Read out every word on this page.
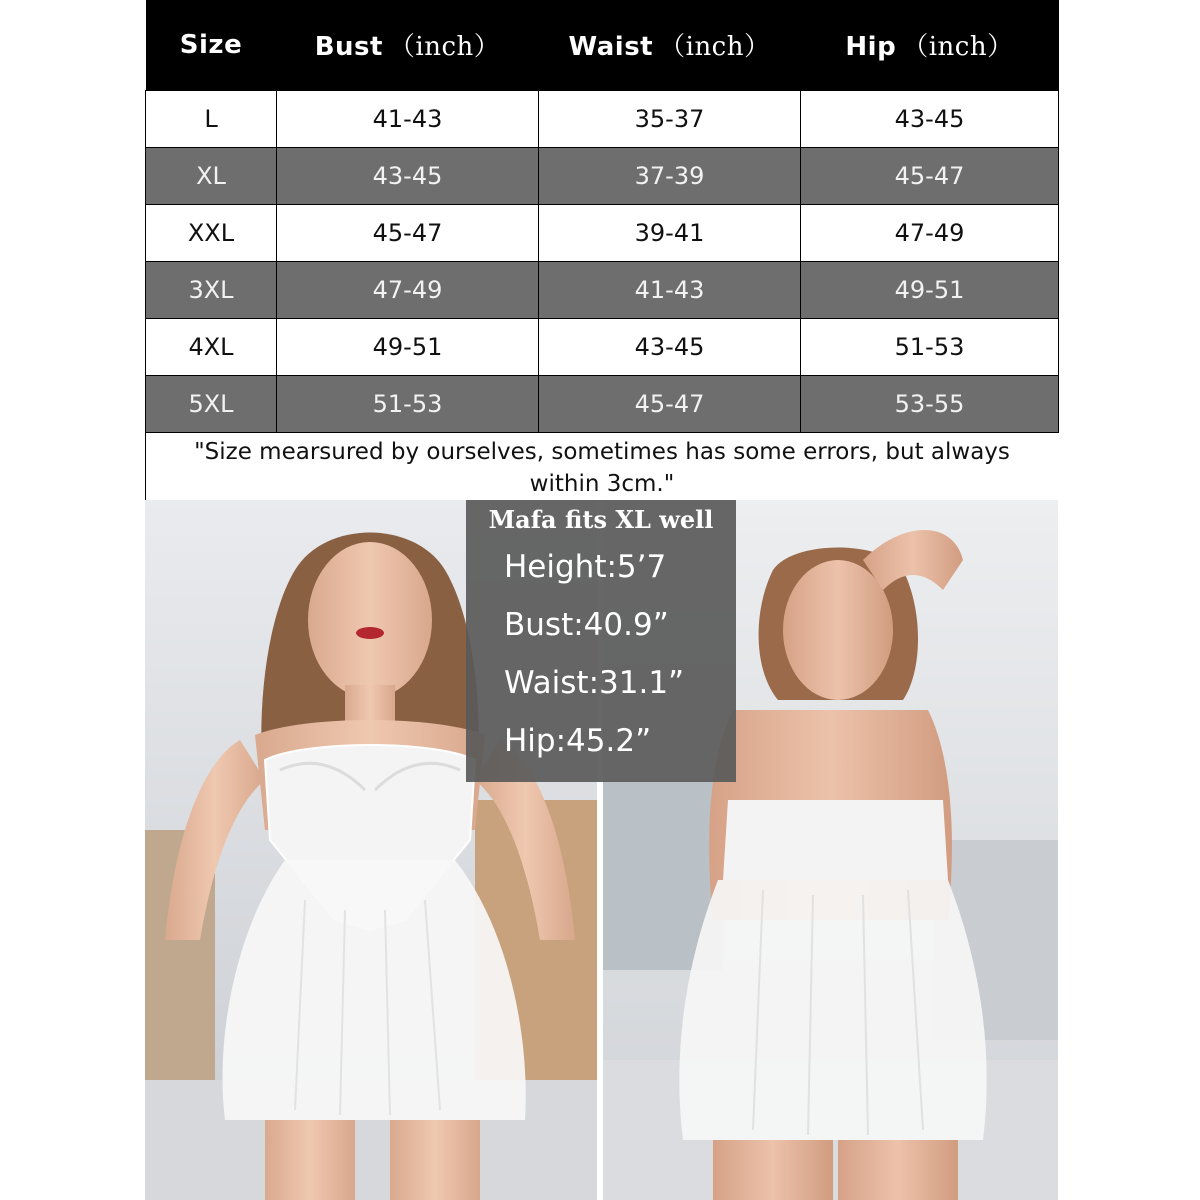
Size	Bust （inch）	Waist （inch）	Hip （inch）
L	41-43	35-37	43-45
XL	43-45	37-39	45-47
XXL	45-47	39-41	47-49
3XL	47-49	41-43	49-51
4XL	49-51	43-45	51-53
5XL	51-53	45-47	53-55
"Size mearsured by ourselves, sometimes has some errors, but always within 3cm."
Mafa fits XL well
Height:5’7
Bust:40.9”
Waist:31.1”
Hip:45.2”
